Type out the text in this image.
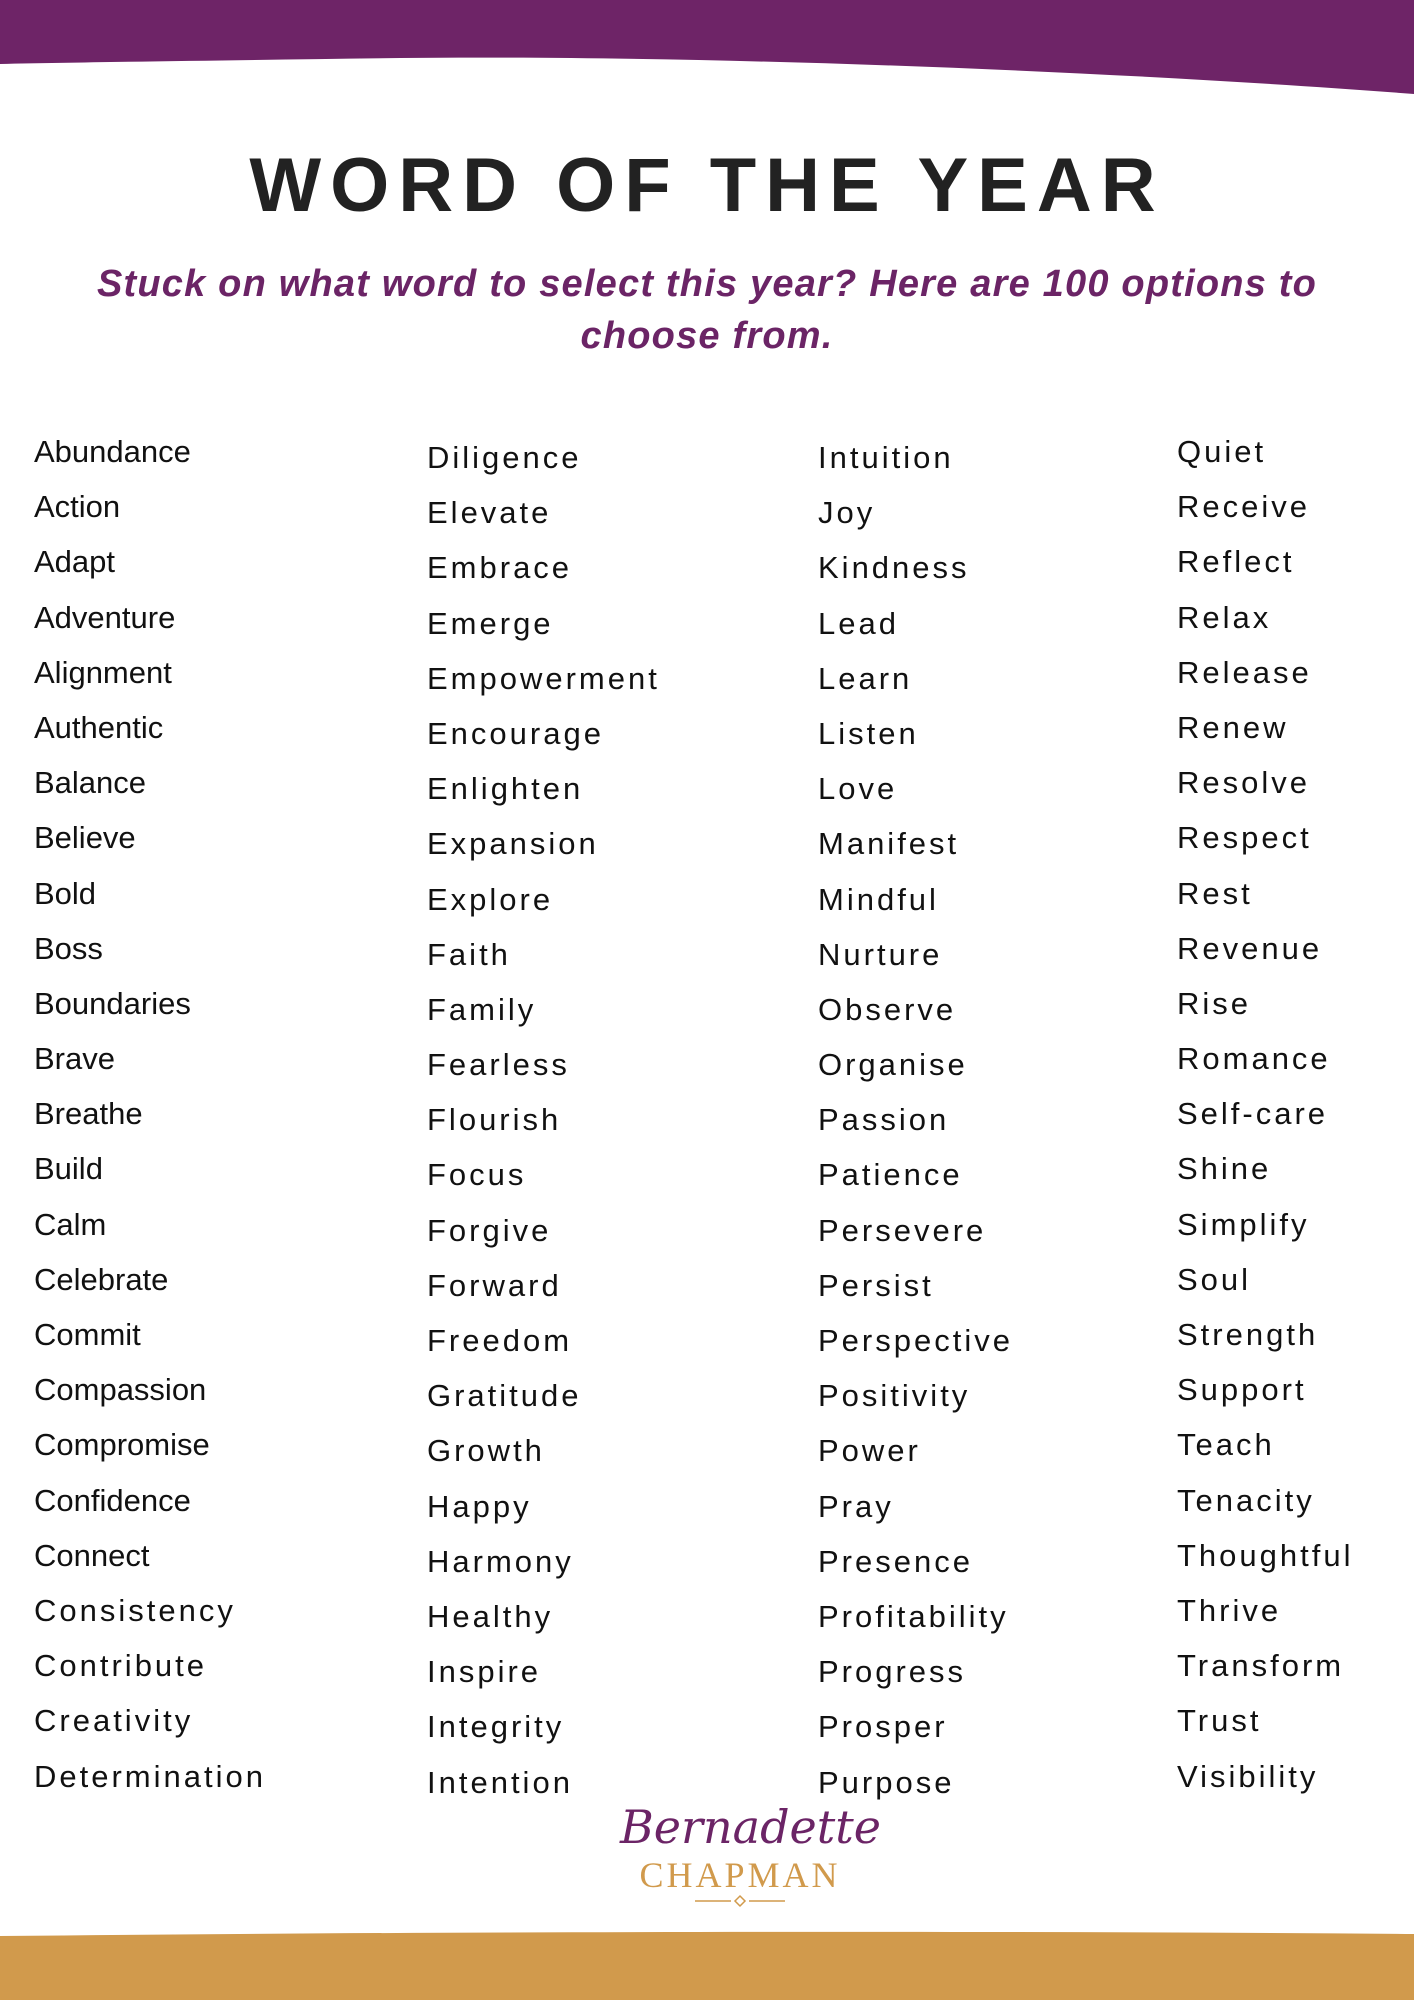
WORD OF THE YEAR

Stuck on what word to select this year? Here are 100 options to choose from.

Abundance
Action
Adapt
Adventure
Alignment
Authentic
Balance
Believe
Bold
Boss
Boundaries
Brave
Breathe
Build
Calm
Celebrate
Commit
Compassion
Compromise
Confidence
Connect
Consistency
Contribute
Creativity
Determination
Diligence
Elevate
Embrace
Emerge
Empowerment
Encourage
Enlighten
Expansion
Explore
Faith
Family
Fearless
Flourish
Focus
Forgive
Forward
Freedom
Gratitude
Growth
Happy
Harmony
Healthy
Inspire
Integrity
Intention
Intuition
Joy
Kindness
Lead
Learn
Listen
Love
Manifest
Mindful
Nurture
Observe
Organise
Passion
Patience
Persevere
Persist
Perspective
Positivity
Power
Pray
Presence
Profitability
Progress
Prosper
Purpose
Quiet
Receive
Reflect
Relax
Release
Renew
Resolve
Respect
Rest
Revenue
Rise
Romance
Self-care
Shine
Simplify
Soul
Strength
Support
Teach
Tenacity
Thoughtful
Thrive
Transform
Trust
Visibility
Bernadette
CHAPMAN
